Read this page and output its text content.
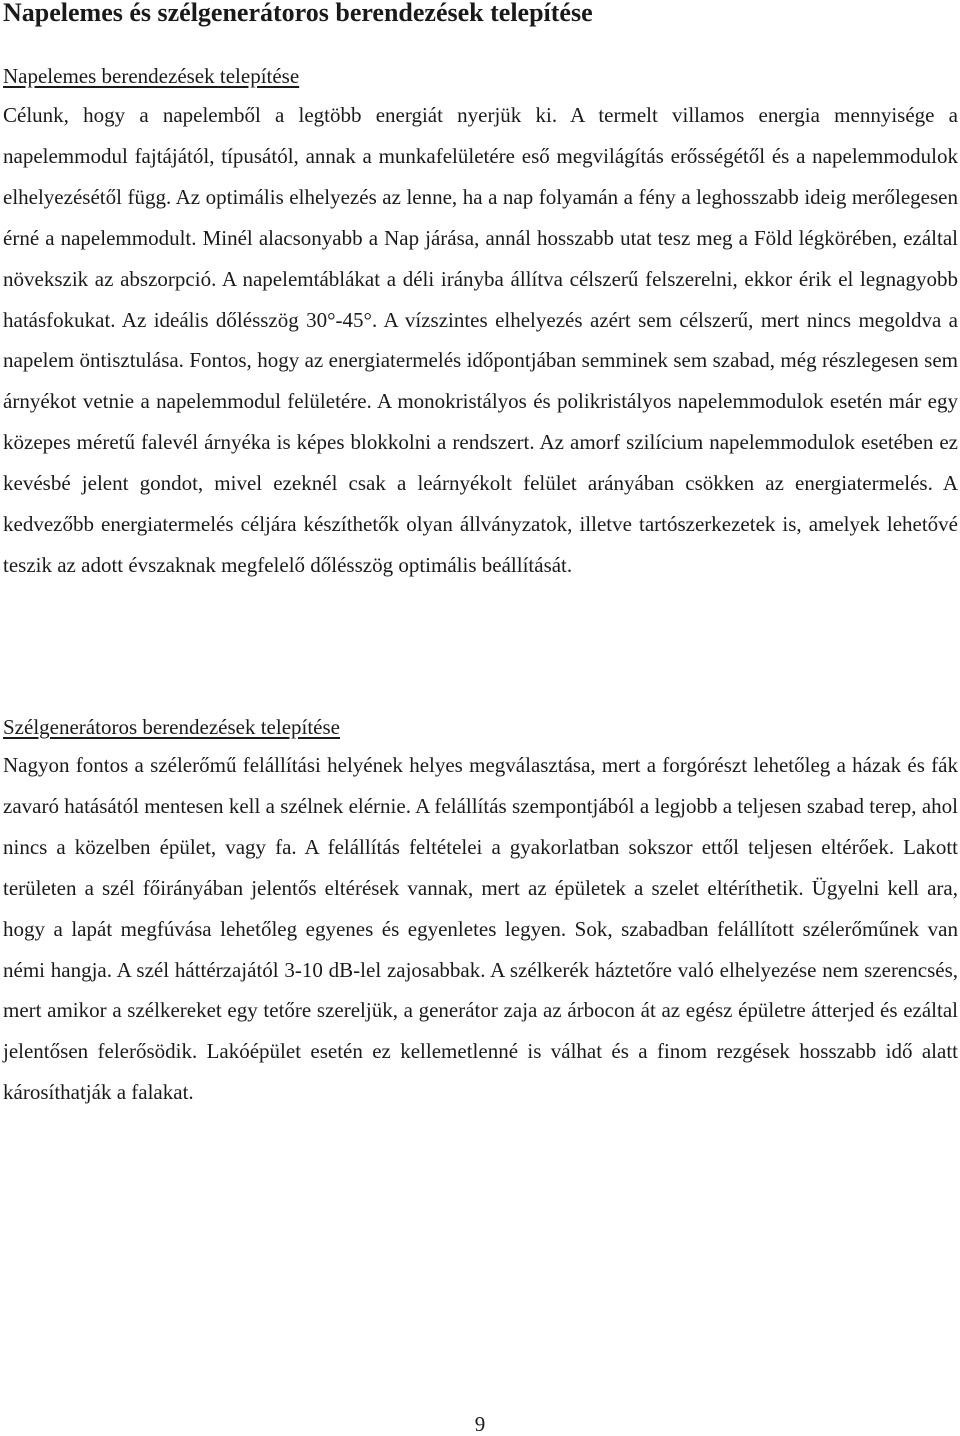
Napelemes és szélgenerátoros berendezések telepítése
Napelemes berendezések telepítése

Célunk, hogy a napelemből a legtöbb energiát nyerjük ki. A termelt villamos energia mennyisége a napelemmodul fajtájától, típusától, annak a munkafelületére eső megvilágítás erősségétől és a napelemmodulok elhelyezésétől függ. Az optimális elhelyezés az lenne, ha a nap folyamán a fény a leghosszabb ideig merőlegesen érné a napelemmodult. Minél alacsonyabb a Nap járása, annál hosszabb utat tesz meg a Föld légkörében, ezáltal növekszik az abszorpció. A napelemtáblákat a déli irányba állítva célszerű felszerelni, ekkor érik el legnagyobb hatásfokukat. Az ideális dőlésszög 30°-45°. A vízszintes elhelyezés azért sem célszerű, mert nincs megoldva a napelem öntisztulása. Fontos, hogy az energiatermelés időpontjában semminek sem szabad, még részlegesen sem árnyékot vetnie a napelemmodul felületére. A monokristályos és polikristályos napelemmodulok esetén már egy közepes méretű falevél árnyéka is képes blokkolni a rendszert. Az amorf szilícium napelemmodulok esetében ez kevésbé jelent gondot, mivel ezeknél csak a leárnyékolt felület arányában csökken az energiatermelés. A kedvezőbb energiatermelés céljára készíthetők olyan állványzatok, illetve tartószerkezetek is, amelyek lehetővé teszik az adott évszaknak megfelelő dőlésszög optimális beállítását.

Szélgenerátoros berendezések telepítése

Nagyon fontos a szélerőmű felállítási helyének helyes megválasztása, mert a forgórészt lehetőleg a házak és fák zavaró hatásától mentesen kell a szélnek elérnie. A felállítás szempontjából a legjobb a teljesen szabad terep, ahol nincs a közelben épület, vagy fa. A felállítás feltételei a gyakorlatban sokszor ettől teljesen eltérőek. Lakott területen a szél főirányában jelentős eltérések vannak, mert az épületek a szelet eltéríthetik. Ügyelni kell ara, hogy a lapát megfúvása lehetőleg egyenes és egyenletes legyen. Sok, szabadban felállított szélerőműnek van némi hangja. A szél háttérzajától 3-10 dB-lel zajosabbak. A szélkerék háztetőre való elhelyezése nem szerencsés, mert amikor a szélkereket egy tetőre szereljük, a generátor zaja az árbocon át az egész épületre átterjed és ezáltal jelentősen felerősödik. Lakóépület esetén ez kellemetlenné is válhat és a finom rezgések hosszabb idő alatt károsíthatják a falakat.

9
